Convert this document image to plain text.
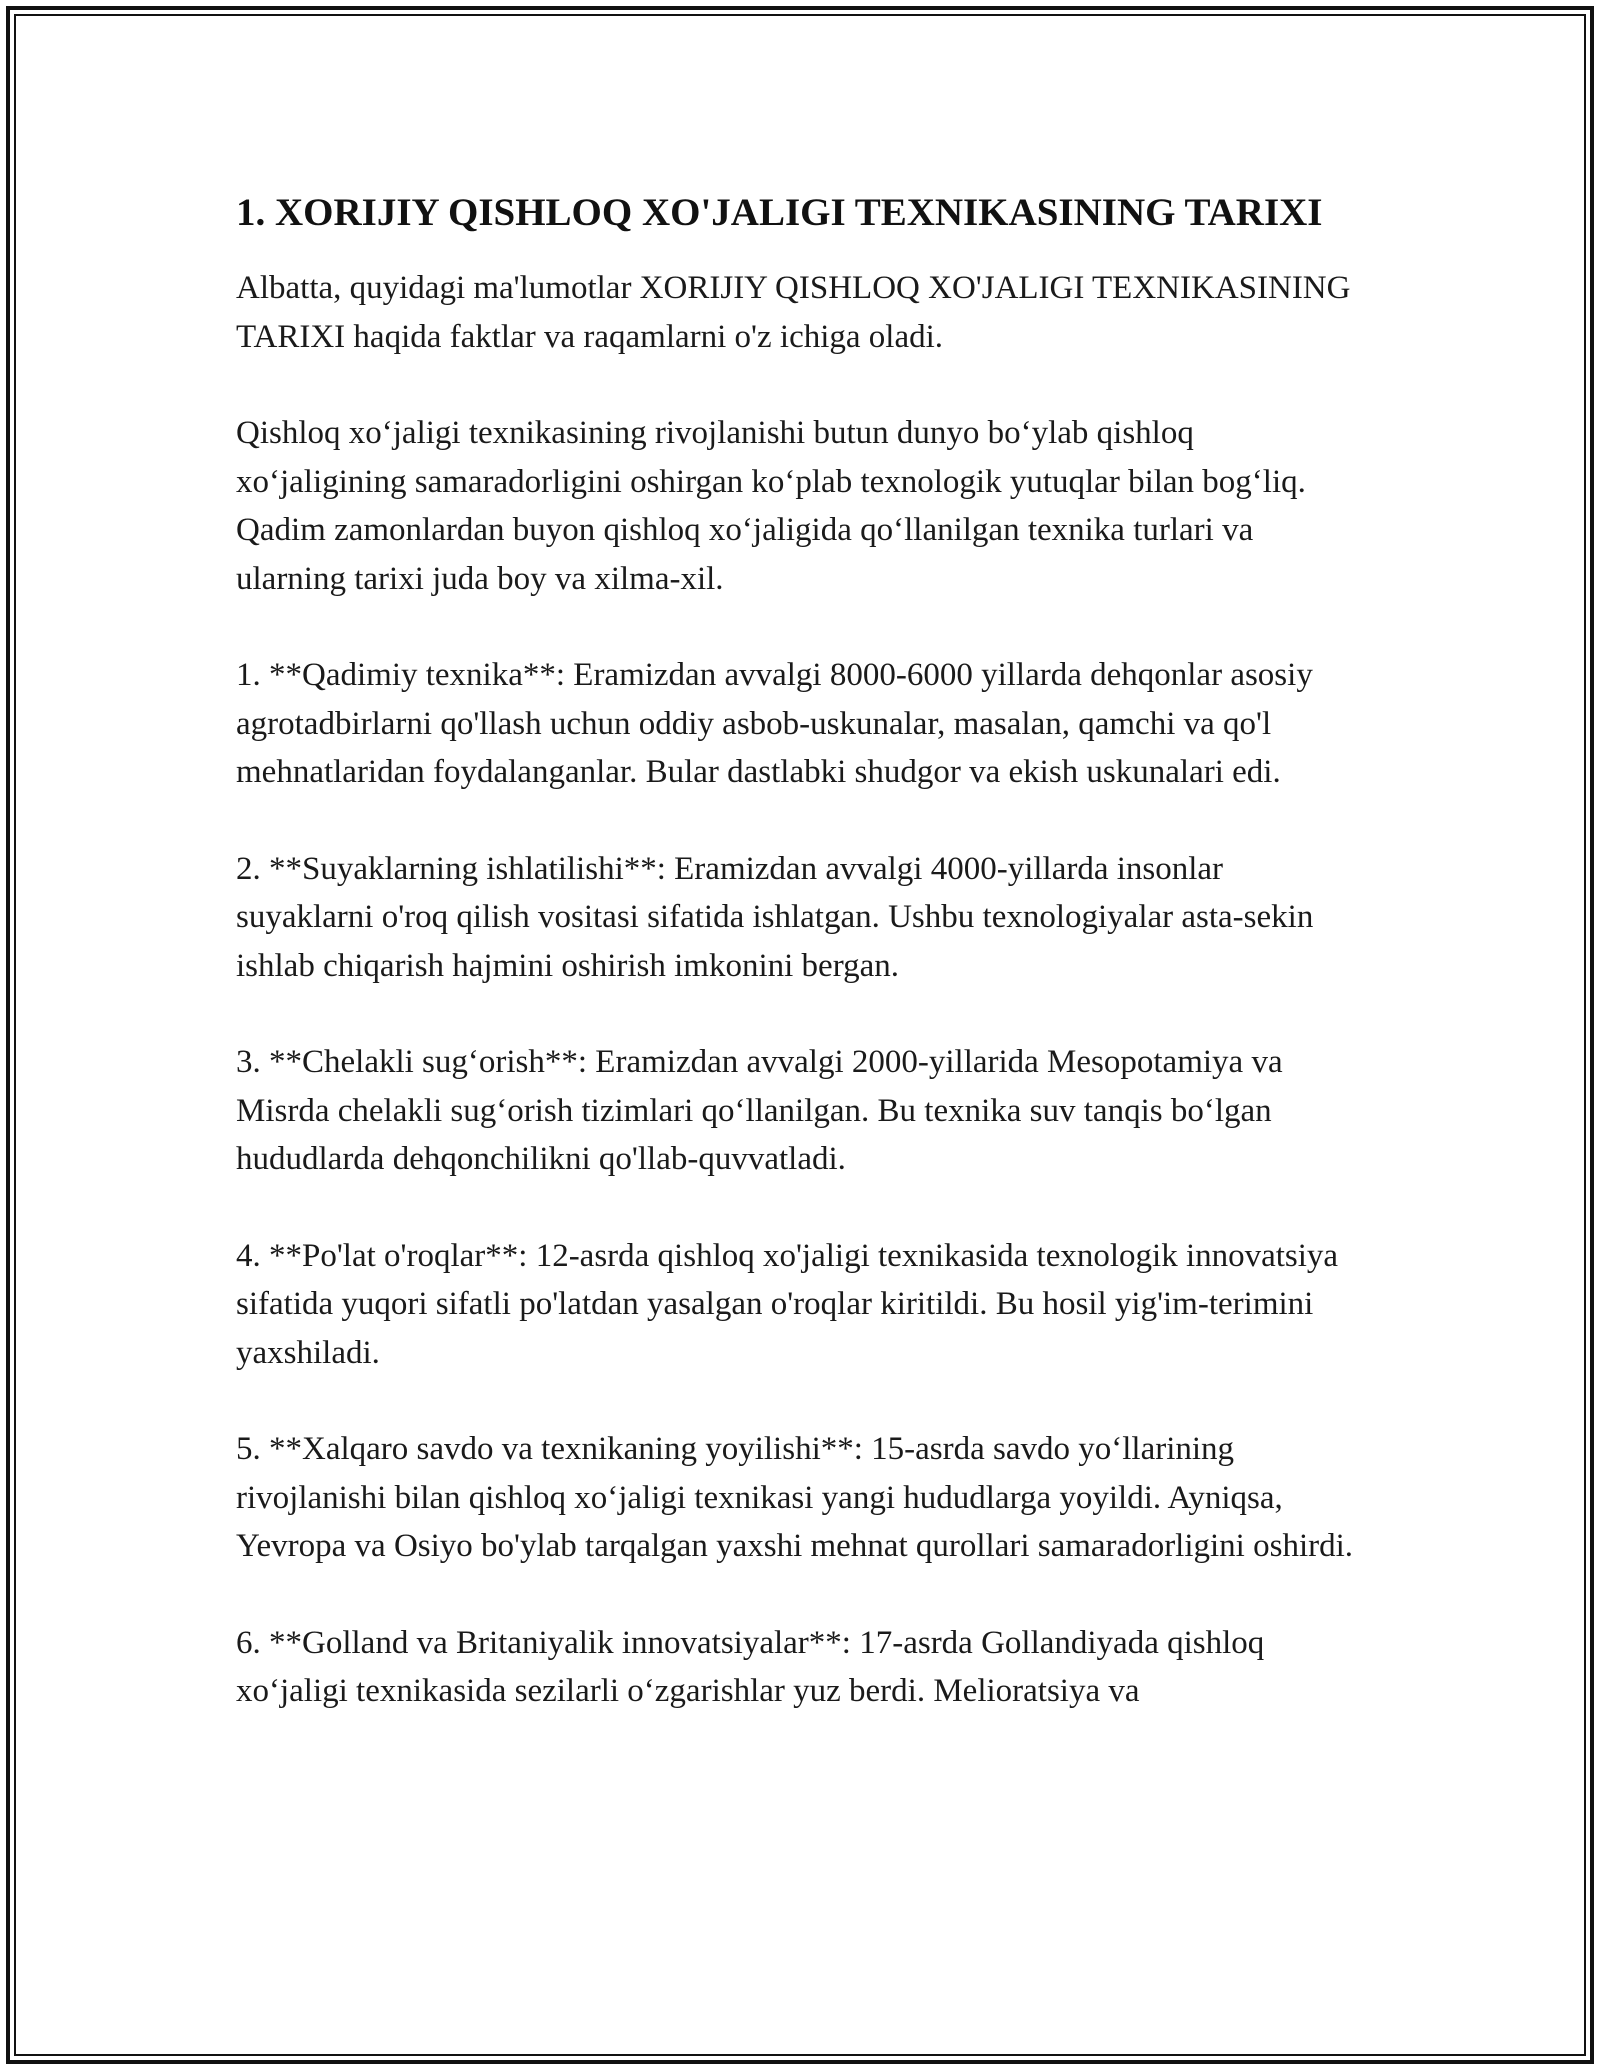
1. XORIJIY QISHLOQ XO'JALIGI TEXNIKASINING TARIXI

Albatta, quyidagi ma'lumotlar XORIJIY QISHLOQ XO'JALIGI TEXNIKASINING TARIXI haqida faktlar va raqamlarni o'z ichiga oladi.

Qishloq xo‘jaligi texnikasining rivojlanishi butun dunyo bo‘ylab qishloq xo‘jaligining samaradorligini oshirgan ko‘plab texnologik yutuqlar bilan bog‘liq. Qadim zamonlardan buyon qishloq xo‘jaligida qo‘llanilgan texnika turlari va ularning tarixi juda boy va xilma-xil.

1. **Qadimiy texnika**: Eramizdan avvalgi 8000-6000 yillarda dehqonlar asosiy agrotadbirlarni qo'llash uchun oddiy asbob-uskunalar, masalan, qamchi va qo'l mehnatlaridan foydalanganlar. Bular dastlabki shudgor va ekish uskunalari edi.

2. **Suyaklarning ishlatilishi**: Eramizdan avvalgi 4000-yillarda insonlar suyaklarni o'roq qilish vositasi sifatida ishlatgan. Ushbu texnologiyalar asta-sekin ishlab chiqarish hajmini oshirish imkonini bergan.

3. **Chelakli sug‘orish**: Eramizdan avvalgi 2000-yillarida Mesopotamiya va Misrda chelakli sug‘orish tizimlari qo‘llanilgan. Bu texnika suv tanqis bo‘lgan hududlarda dehqonchilikni qo'llab-quvvatladi.

4. **Po'lat o'roqlar**: 12-asrda qishloq xo'jaligi texnikasida texnologik innovatsiya sifatida yuqori sifatli po'latdan yasalgan o'roqlar kiritildi. Bu hosil yig'im-terimini yaxshiladi.

5. **Xalqaro savdo va texnikaning yoyilishi**: 15-asrda savdo yo‘llarining rivojlanishi bilan qishloq xo‘jaligi texnikasi yangi hududlarga yoyildi. Ayniqsa, Yevropa va Osiyo bo'ylab tarqalgan yaxshi mehnat qurollari samaradorligini oshirdi.

6. **Golland va Britaniyalik innovatsiyalar**: 17-asrda Gollandiyada qishloq xo‘jaligi texnikasida sezilarli o‘zgarishlar yuz berdi. Melioratsiya va
